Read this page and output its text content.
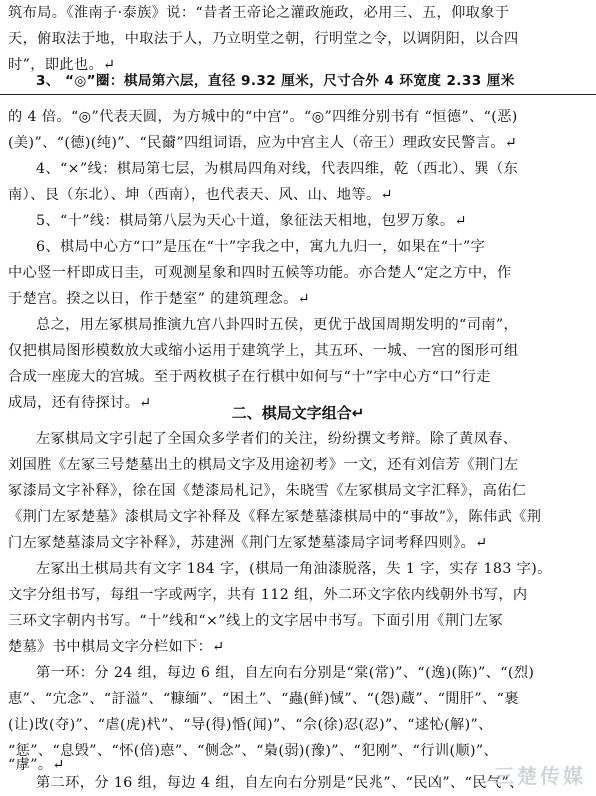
筑布局。《淮南子·泰族》说：“昔者王帝论之灌政施政，必用三、五，仰取象于
天，俯取法于地，中取法于人，乃立明堂之朝，行明堂之令，以调阴阳，以合四
时”，即此也。↵
3、 “◎”圈：棋局第六层，直径 9.32 厘米，尺寸合外 4 环宽度 2.33 厘米
的 4 倍。“◎”代表天圆，为方城中的“中宫”。“◎”四维分别书有 “恒德”、“(恶)
(美)”、“(德)(纯)”、“民薾”四组词语，应为中宫主人（帝王）理政安民警言。↵
4、“×”线：棋局第七层，为棋局四角对线，代表四维，乾（西北）、巽（东
南）、艮（东北）、坤（西南），也代表天、风、山、地等。↵
5、“十”线：棋局第八层为天心十道，象征法天相地，包罗万象。↵
6、棋局中心方“口”是压在“十”字我之中，寓九九归一，如果在“十”字
中心竖一杆即成日圭，可观测星象和四时五候等功能。亦合楚人“定之方中，作
于楚宫。揆之以日，作于楚室” 的建筑理念。↵
总之，用左冢棋局推演九宫八卦四时五侯，更优于战国周期发明的“司南”，
仅把棋局图形模数放大或缩小运用于建筑学上，其五环、一城、一宫的图形可组
合成一座庞大的宫城。至于两枚棋子在行棋中如何与“十”字中心方“口”行走
成局，还有待探讨。↵
二、棋局文字组合↵
左冢棋局文字引起了全国众多学者们的关注，纷纷撰文考辩。除了黄凤春、
刘国胜《左冢三号楚墓出土的棋局文字及用途初考》一文，还有刘信芳《荆门左
冢漆局文字补释》，徐在国《楚漆局札记》，朱晓雪《左冢棋局文字汇释》，高佑仁
《荆门左冢楚墓》漆棋局文字补释及《释左冢楚墓漆棋局中的“事故”》，陈伟武《荆
门左冢楚墓漆局文字补释》，苏建洲《荆门左冢楚墓漆局字词考释四则》。↵
左冢出土棋局共有文字 184 字，(棋局一角油漆脱落，失 1 字，实存 183 字)。
文字分组书写，每组一字或两字，共有 112 组，外二环文字依内线朝外书写，内
三环文字朝内书写。“十”线和“×”线上的文字居中书写。下面引用《荆门左冢
楚墓》书中棋局文字分栏如下：↵
第一环：分 24 组，每边 6 组，自左向右分别是“棠(常)”、“(逸)(陈)”、“(烈)
恵”、“宂念”、“訏溢”、“糠缅”、“困土”、“蟲(鲜)惐”、“(怨)蔵”、“閒肝”、“裹
(让)攺(夺)”、“虐(虎)杙”、“导(得)惛(闻)”、“佘(徐)忍(忍)”、“逑㤈(解)”、
“惩”、“息毁”、“怀(倍)𢛳”、“侧念”、“梟(弱)(豫)”、“犯刚”、“行训(顺)”、
“虖”。↵
第二环，分 16 组，每边 4 组，自左向右分别是“民兆”、“民凶”、“民气”、
三楚传媒
